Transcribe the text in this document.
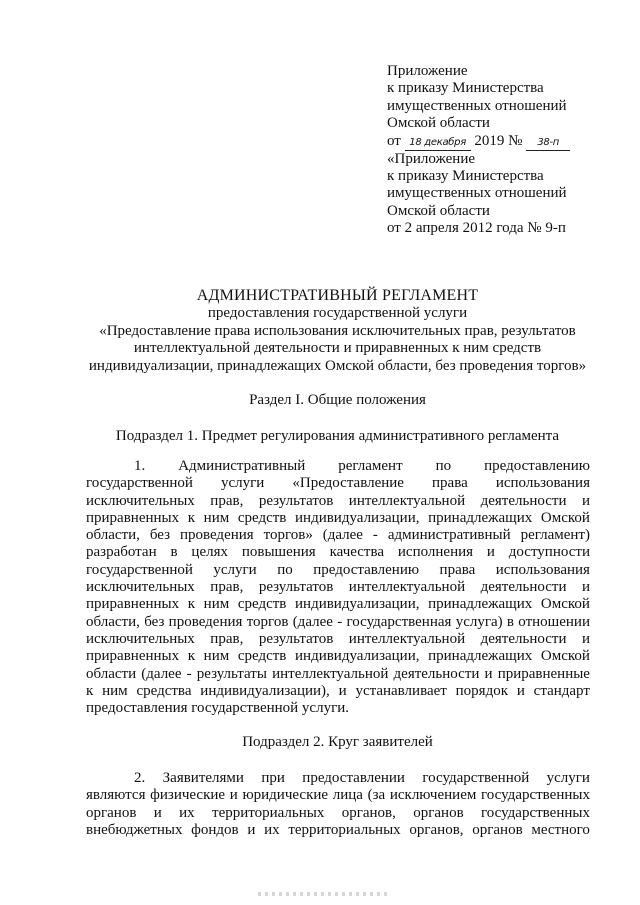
Приложение
к приказу Министерства
имущественных отношений
Омской области
от 18 декабря 2019 № 38-п
«Приложение
к приказу Министерства
имущественных отношений
Омской области
от 2 апреля 2012 года № 9-п
АДМИНИСТРАТИВНЫЙ РЕГЛАМЕНТ
предоставления государственной услуги
«Предоставление права использования исключительных прав, результатов
интеллектуальной деятельности и приравненных к ним средств
индивидуализации, принадлежащих Омской области, без проведения торгов»
Раздел I. Общие положения
Подраздел 1. Предмет регулирования административного регламента
1. Административный регламент по предоставлению
государственной услуги «Предоставление права использования
исключительных прав, результатов интеллектуальной деятельности и
приравненных к ним средств индивидуализации, принадлежащих Омской
области, без проведения торгов» (далее - административный регламент)
разработан в целях повышения качества исполнения и доступности
государственной услуги по предоставлению права использования
исключительных прав, результатов интеллектуальной деятельности и
приравненных к ним средств индивидуализации, принадлежащих Омской
области, без проведения торгов (далее - государственная услуга) в отношении
исключительных прав, результатов интеллектуальной деятельности и
приравненных к ним средств индивидуализации, принадлежащих Омской
области (далее - результаты интеллектуальной деятельности и приравненные
к ним средства индивидуализации), и устанавливает порядок и стандарт
предоставления государственной услуги.
Подраздел 2. Круг заявителей
2. Заявителями при предоставлении государственной услуги
являются физические и юридические лица (за исключением государственных
органов и их территориальных органов, органов государственных
внебюджетных фондов и их территориальных органов, органов местного
